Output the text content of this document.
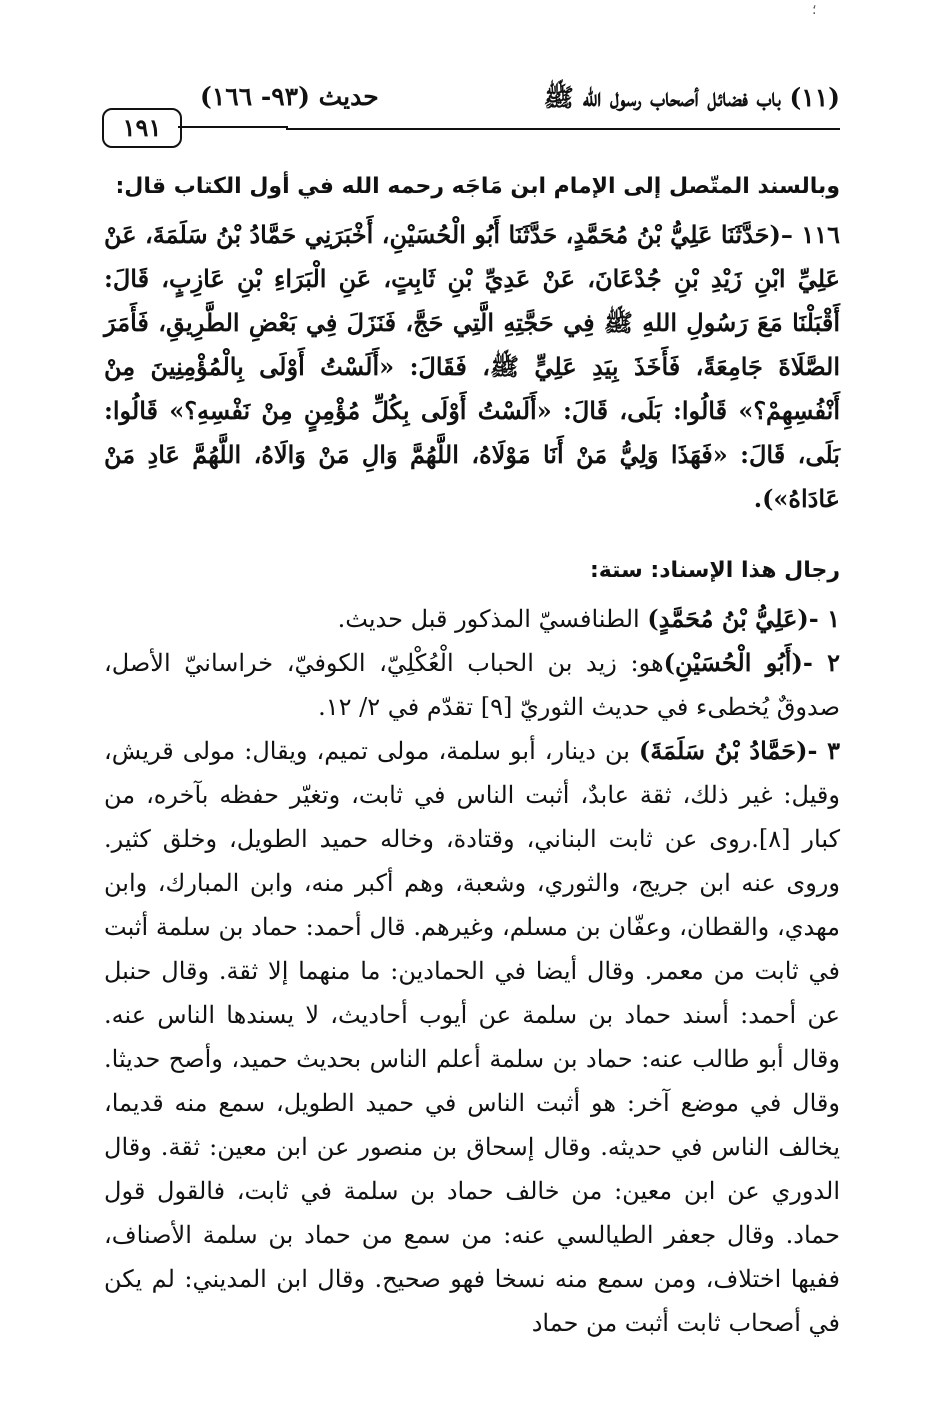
؛
(١١) باب فضائل أصحاب رسول الله ﷺ
حديث (٩٣- ١٦٦)
١٩١

وبالسند المتّصل إلى الإمام ابن مَاجَه رحمه الله في أول الكتاب قال:

١١٦ –(حَدَّثَنَا عَلِيُّ بْنُ مُحَمَّدٍ، حَدَّثَنَا أَبُو الْحُسَيْنِ، أَخْبَرَنِي حَمَّادُ بْنُ سَلَمَةَ، عَنْ عَلِيِّ ابْنِ زَيْدِ بْنِ جُدْعَانَ، عَنْ عَدِيِّ بْنِ ثَابِتٍ، عَنِ الْبَرَاءِ بْنِ عَازِبٍ، قَالَ: أَقْبَلْنَا مَعَ رَسُولِ اللهِ ﷺ فِي حَجَّتِهِ الَّتِي حَجَّ، فَنَزَلَ فِي بَعْضِ الطَّرِيقِ، فَأَمَرَ الصَّلَاةَ جَامِعَةً، فَأَخَذَ بِيَدِ عَلِيٍّ ﷺ، فَقَالَ: «أَلَسْتُ أَوْلَى بِالْمُؤْمِنِينَ مِنْ أَنْفُسِهِمْ؟» قَالُوا: بَلَى، قَالَ: «أَلَسْتُ أَوْلَى بِكُلِّ مُؤْمِنٍ مِنْ نَفْسِهِ؟» قَالُوا: بَلَى، قَالَ: «فَهَذَا وَلِيُّ مَنْ أَنَا مَوْلَاهُ، اللَّهُمَّ وَالِ مَنْ وَالَاهُ، اللَّهُمَّ عَادِ مَنْ عَادَاهُ»).

رجال هذا الإسناد: ستة:

١ -(عَلِيُّ بْنُ مُحَمَّدٍ) الطنافسيّ المذكور قبل حديث.

٢ -(أَبُو الْحُسَيْنِ)هو: زيد بن الحباب الْعُكْلِيّ، الكوفيّ، خراسانيّ الأصل، صدوقٌ يُخطىء في حديث الثوريّ [٩] تقدّم في ٢/ ١٢.

٣ -(حَمَّادُ بْنُ سَلَمَةَ) بن دينار، أبو سلمة، مولى تميم، ويقال: مولى قريش، وقيل: غير ذلك، ثقة عابدٌ، أثبت الناس في ثابت، وتغيّر حفظه بآخره، من كبار [٨].روى عن ثابت البناني، وقتادة، وخاله حميد الطويل، وخلق كثير. وروى عنه ابن جريج، والثوري، وشعبة، وهم أكبر منه، وابن المبارك، وابن مهدي، والقطان، وعفّان بن مسلم، وغيرهم. قال أحمد: حماد بن سلمة أثبت في ثابت من معمر. وقال أيضا في الحمادين: ما منهما إلا ثقة. وقال حنبل عن أحمد: أسند حماد بن سلمة عن أيوب أحاديث، لا يسندها الناس عنه. وقال أبو طالب عنه: حماد بن سلمة أعلم الناس بحديث حميد، وأصح حديثا. وقال في موضع آخر: هو أثبت الناس في حميد الطويل، سمع منه قديما، يخالف الناس في حديثه. وقال إسحاق بن منصور عن ابن معين: ثقة. وقال الدوري عن ابن معين: من خالف حماد بن سلمة في ثابت، فالقول قول حماد. وقال جعفر الطيالسي عنه: من سمع من حماد بن سلمة الأصناف، ففيها اختلاف، ومن سمع منه نسخا فهو صحيح. وقال ابن المديني: لم يكن في أصحاب ثابت أثبت من حماد
